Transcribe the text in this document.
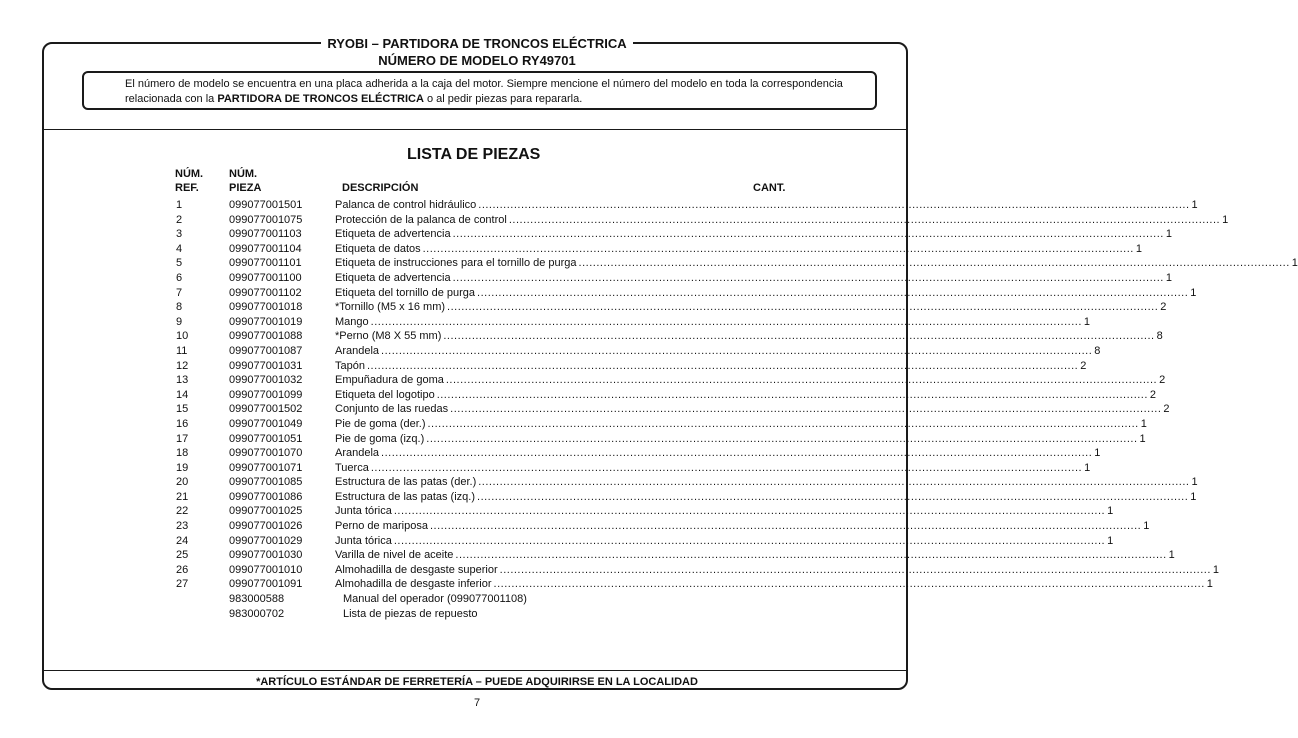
RYOBI – PARTIDORA DE TRONCOS ELÉCTRICA
NÚMERO DE MODELO RY49701
El número de modelo se encuentra en una placa adherida a la caja del motor. Siempre mencione el número del modelo en toda la correspondencia relacionada con la PARTIDORA DE TRONCOS ELÉCTRICA o al pedir piezas para repararla.
LISTA DE PIEZAS
NÚM.
REF.
NÚM.
PIEZA	DESCRIPCIÓN	CANT.
1	099077001501	Palanca de control hidráulico ........................................................................................................................................................................................................ 1
2	099077001075	Protección de la palanca de control ........................................................................................................................................................................................................ 1
3	099077001103	Etiqueta de advertencia ........................................................................................................................................................................................................ 1
4	099077001104	Etiqueta de datos ........................................................................................................................................................................................................ 1
5	099077001101	Etiqueta de instrucciones para el tornillo de purga ........................................................................................................................................................................................................ 1
6	099077001100	Etiqueta de advertencia ........................................................................................................................................................................................................ 1
7	099077001102	Etiqueta del tornillo de purga ........................................................................................................................................................................................................ 1
8	099077001018	* Tornillo (M5 x 16 mm) ........................................................................................................................................................................................................ 2
9	099077001019	Mango ........................................................................................................................................................................................................ 1
10	099077001088	* Perno (M8 X 55 mm) ........................................................................................................................................................................................................ 8
11	099077001087	Arandela ........................................................................................................................................................................................................ 8
12	099077001031	Tapón ........................................................................................................................................................................................................ 2
13	099077001032	Empuñadura de goma ........................................................................................................................................................................................................ 2
14	099077001099	Etiqueta del logotipo ........................................................................................................................................................................................................ 2
15	099077001502	Conjunto de las ruedas ........................................................................................................................................................................................................ 2
16	099077001049	Pie de goma (der.) ........................................................................................................................................................................................................ 1
17	099077001051	Pie de goma (izq.) ........................................................................................................................................................................................................ 1
18	099077001070	Arandela ........................................................................................................................................................................................................ 1
19	099077001071	Tuerca ........................................................................................................................................................................................................ 1
20	099077001085	Estructura de las patas (der.) ........................................................................................................................................................................................................ 1
21	099077001086	Estructura de las patas (izq.) ........................................................................................................................................................................................................ 1
22	099077001025	Junta tórica ........................................................................................................................................................................................................ 1
23	099077001026	Perno de mariposa ........................................................................................................................................................................................................ 1
24	099077001029	Junta tórica ........................................................................................................................................................................................................ 1
25	099077001030	Varilla de nivel de aceite ........................................................................................................................................................................................................ 1
26	099077001010	Almohadilla de desgaste superior ........................................................................................................................................................................................................ 1
27	099077001091	Almohadilla de desgaste inferior ........................................................................................................................................................................................................ 1
983000588	Manual del operador (099077001108)
983000702	Lista de piezas de repuesto
*ARTÍCULO ESTÁNDAR DE FERRETERÍA – PUEDE ADQUIRIRSE EN LA LOCALIDAD
7
